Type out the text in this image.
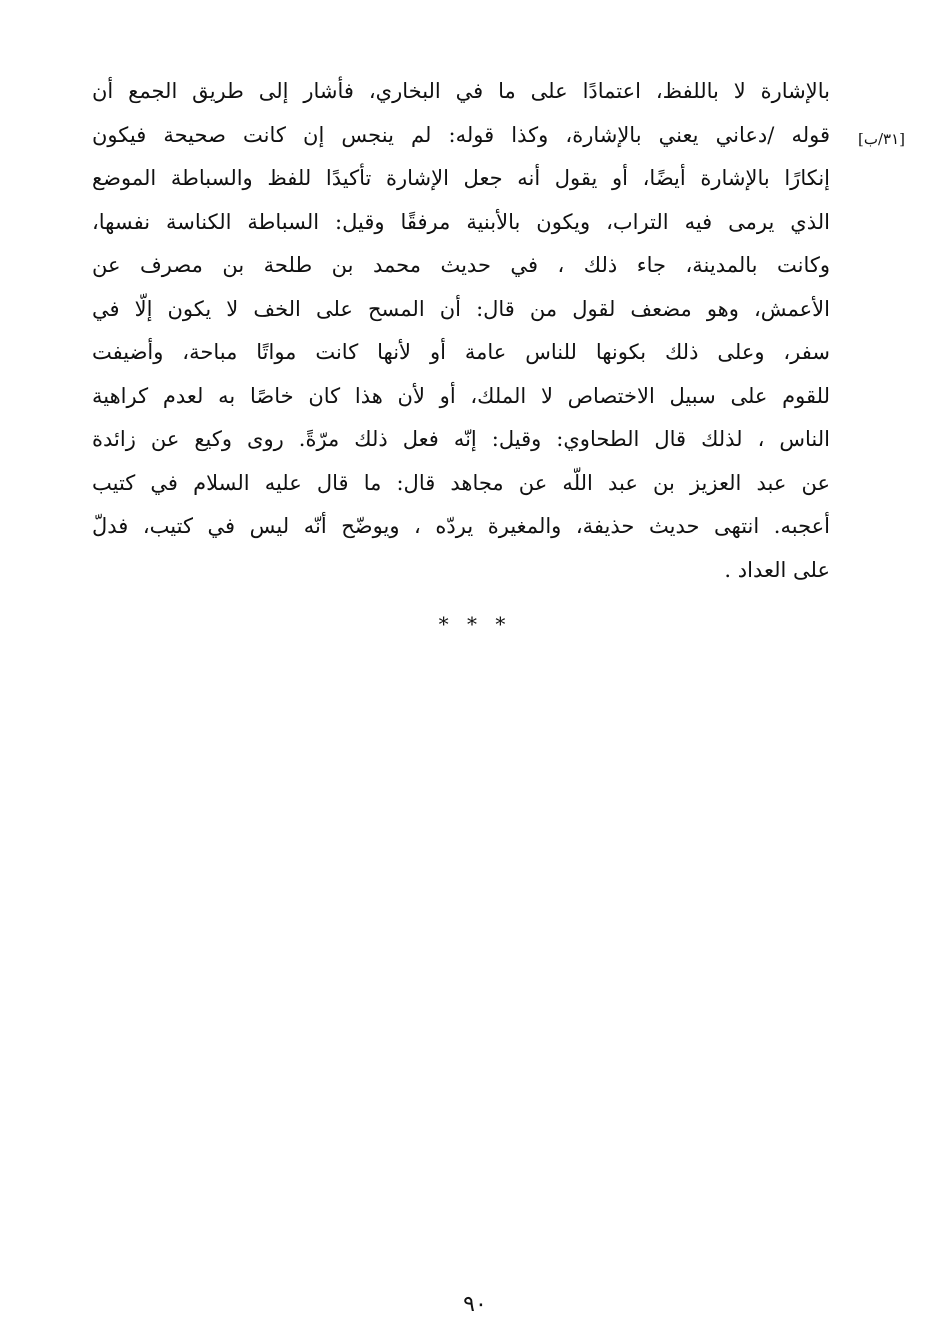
[٣١/ب]
بالإشارة لا باللفظ، اعتمادًا على ما في البخاري، فأشار إلى طريق الجمع أن
قوله /دعاني يعني بالإشارة، وكذا قوله: لم ينجس إن كانت صحيحة فيكون
إنكارًا بالإشارة أيضًا، أو يقول أنه جعل الإشارة تأكيدًا للفظ والسباطة الموضع
الذي يرمى فيه التراب، ويكون بالأبنية مرفقًا وقيل: السباطة الكناسة نفسها،
وكانت بالمدينة، جاء ذلك ، في حديث محمد بن طلحة بن مصرف عن
الأعمش، وهو مضعف لقول من قال: أن المسح على الخف لا يكون إلّا في
سفر، وعلى ذلك بكونها للناس عامة أو لأنها كانت مواتًا مباحة، وأضيفت
للقوم على سبيل الاختصاص لا الملك، أو لأن هذا كان خاصًا به لعدم كراهية
الناس ، لذلك قال الطحاوي: وقيل: إنّه فعل ذلك مرّةً. روى وكيع عن زائدة
عن عبد العزيز بن عبد اللّه عن مجاهد قال: ما قال عليه السلام في كتيب
أعجبه. انتهى حديث حذيفة، والمغيرة يردّه ، ويوضّح أنّه ليس في كتيب، فدلّ
على العداد .
* * *
٩٠
